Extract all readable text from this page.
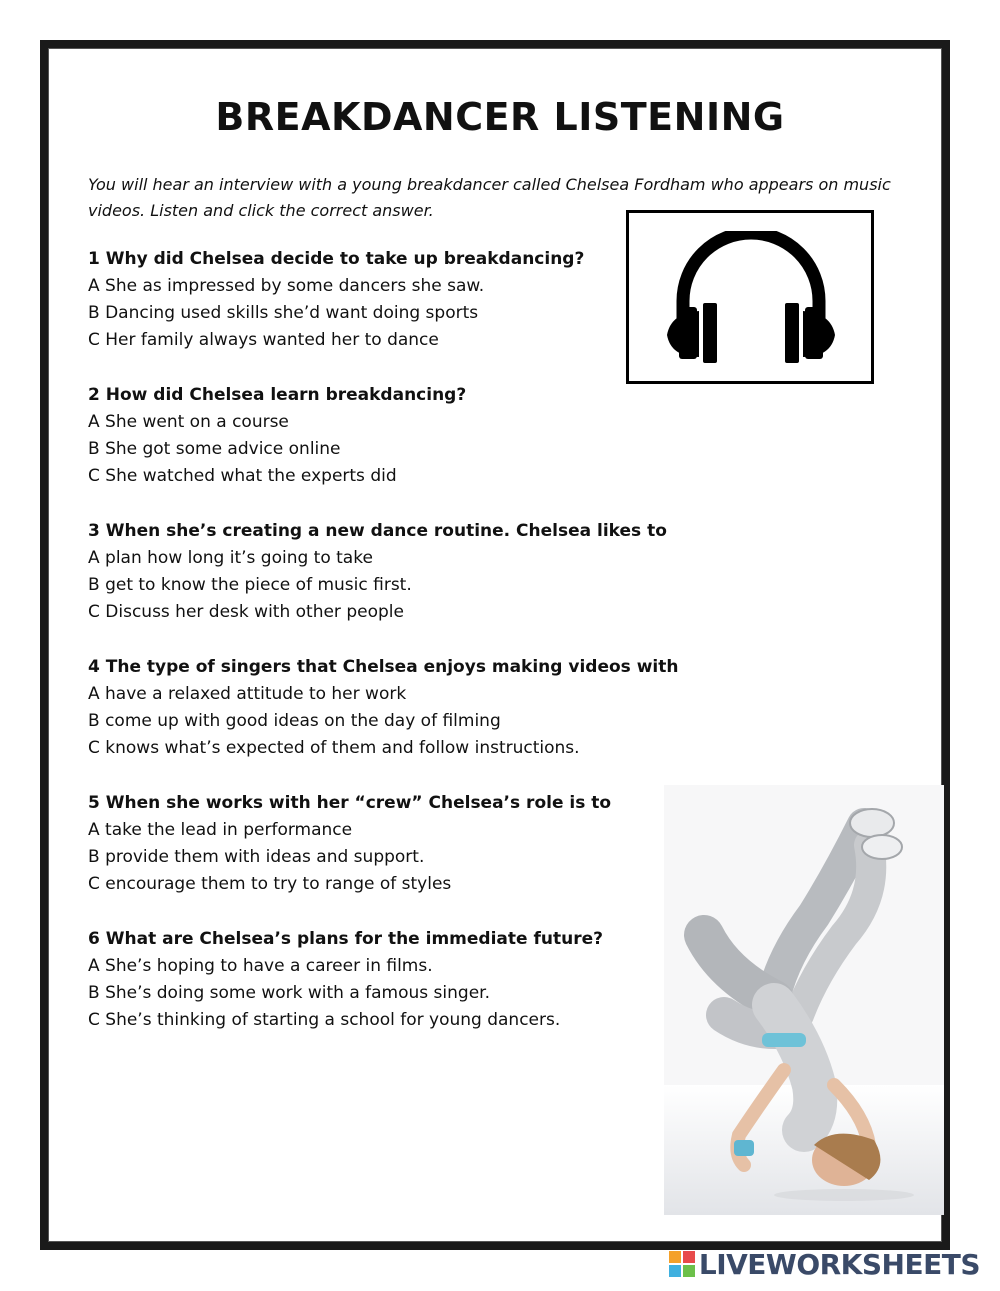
BREAKDANCER LISTENING

You will hear an interview with a young breakdancer called Chelsea Fordham who appears on music videos. Listen and click the correct answer.

1 Why did Chelsea decide to take up breakdancing?
A She as impressed by some dancers she saw.
B Dancing used skills she’d want doing sports
C Her family always wanted her to dance
2 How did Chelsea learn breakdancing?
A She went on a course
B She got some advice online
C She watched what the experts did
3 When she’s creating a new dance routine. Chelsea likes to
A plan how long it’s going to take
B get to know the piece of music first.
C Discuss her desk with other people
4 The type of singers that Chelsea enjoys making videos with
A have a relaxed attitude to her work
B come up with good ideas on the day of filming
C knows what’s expected of them and follow instructions.
5 When she works with her “crew” Chelsea’s role is to
A take the lead in performance
B provide them with ideas and support.
C encourage them to try to range of styles
6 What are Chelsea’s plans for the immediate future?
A She’s hoping to have a career in films.
B She’s doing some work with a famous singer.
C She’s thinking of starting a school for young dancers.
LIVEWORKSHEETS
